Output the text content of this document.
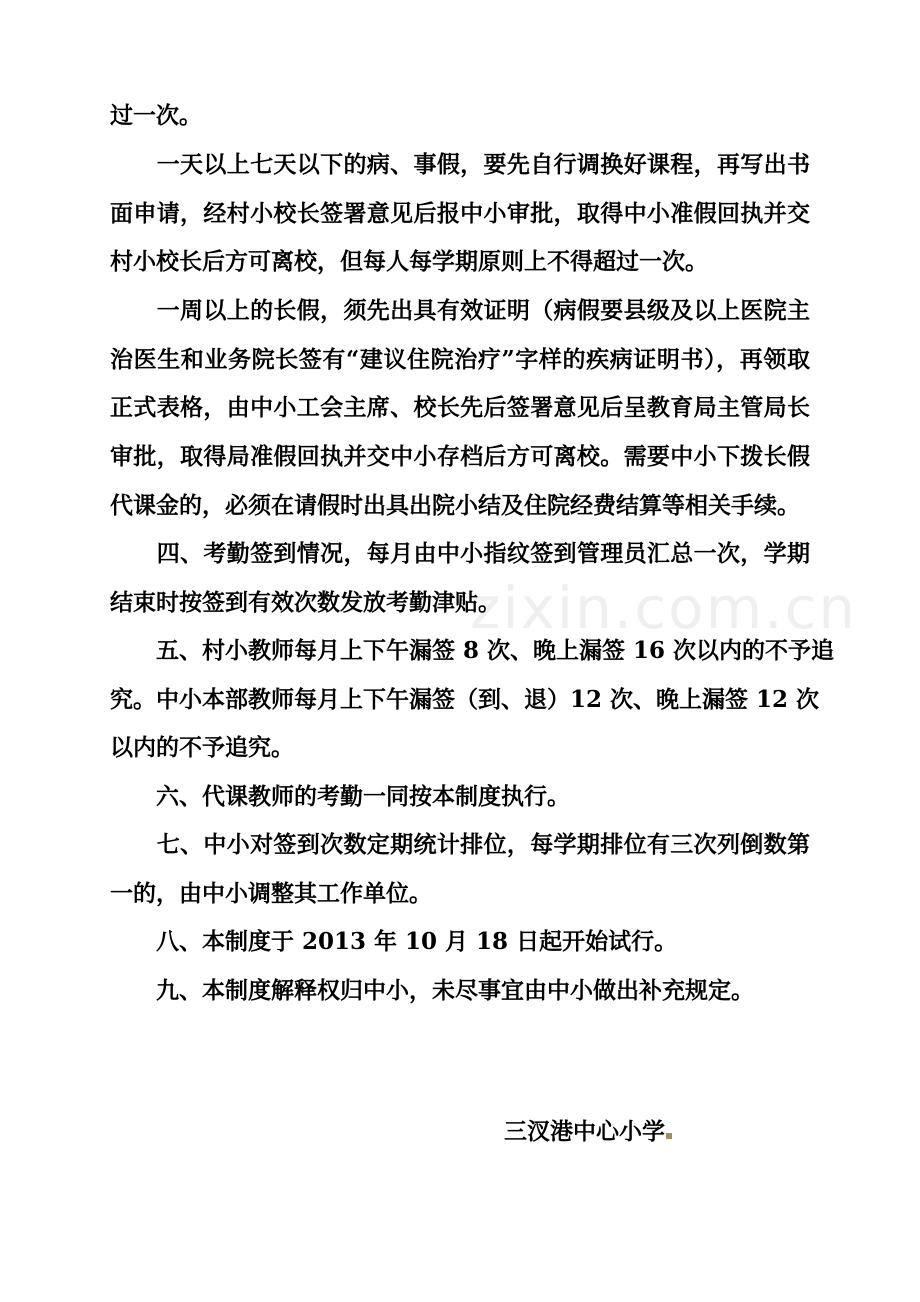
zixin.com.cn
过一次。
　　一天以上七天以下的病、事假，要先自行调换好课程，再写出书
面申请，经村小校长签署意见后报中小审批，取得中小准假回执并交
村小校长后方可离校，但每人每学期原则上不得超过一次。
　　一周以上的长假，须先出具有效证明（病假要县级及以上医院主
治医生和业务院长签有“建议住院治疗”字样的疾病证明书），再领取
正式表格，由中小工会主席、校长先后签署意见后呈教育局主管局长
审批，取得局准假回执并交中小存档后方可离校。需要中小下拨长假
代课金的，必须在请假时出具出院小结及住院经费结算等相关手续。
　　四、考勤签到情况，每月由中小指纹签到管理员汇总一次，学期
结束时按签到有效次数发放考勤津贴。
　　五、村小教师每月上下午漏签 8 次、晚上漏签 16 次以内的不予追
究。中小本部教师每月上下午漏签（到、退）12 次、晚上漏签 12 次
以内的不予追究。
　　六、代课教师的考勤一同按本制度执行。
　　七、中小对签到次数定期统计排位，每学期排位有三次列倒数第
一的，由中小调整其工作单位。
　　八、本制度于 2013 年 10 月 18 日起开始试行。
　　九、本制度解释权归中小，未尽事宜由中小做出补充规定。
三汊港中心小学
